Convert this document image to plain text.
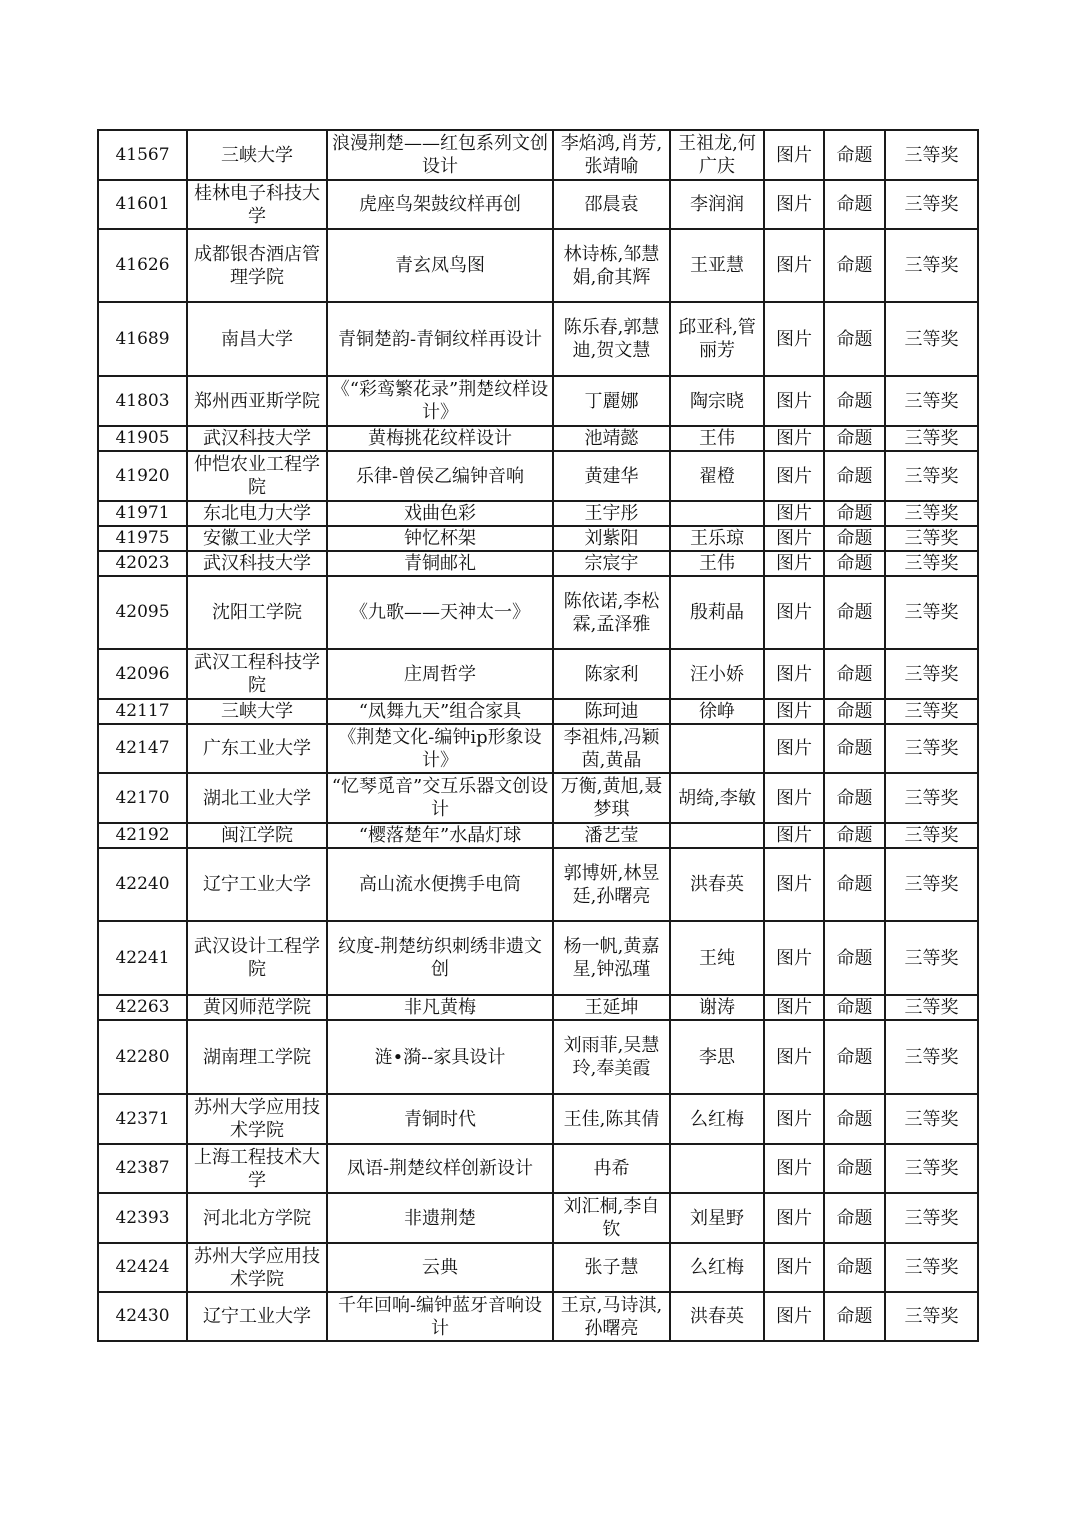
41567	三峡大学	浪漫荆楚——红包系列文创设计	李焰鸿,肖芳,张靖喻	王祖龙,何广庆	图片	命题	三等奖
41601	桂林电子科技大学	虎座鸟架鼓纹样再创	邵晨袁	李润润	图片	命题	三等奖
41626	成都银杏酒店管理学院	青玄凤鸟图	林诗栋,邹慧娟,俞其辉	王亚慧	图片	命题	三等奖
41689	南昌大学	青铜楚韵-青铜纹样再设计	陈乐春,郭慧迪,贺文慧	邱亚科,管丽芳	图片	命题	三等奖
41803	郑州西亚斯学院	《“彩鸾繁花录”荆楚纹样设计》	丁麗娜	陶宗晓	图片	命题	三等奖
41905	武汉科技大学	黄梅挑花纹样设计	池靖懿	王伟	图片	命题	三等奖
41920	仲恺农业工程学院	乐律-曾侯乙编钟音响	黄建华	翟橙	图片	命题	三等奖
41971	东北电力大学	戏曲色彩	王宇彤		图片	命题	三等奖
41975	安徽工业大学	钟忆杯架	刘紫阳	王乐琼	图片	命题	三等奖
42023	武汉科技大学	青铜邮礼	宗宸宇	王伟	图片	命题	三等奖
42095	沈阳工学院	《九歌——天神太一》	陈依诺,李松霖,孟泽雅	殷莉晶	图片	命题	三等奖
42096	武汉工程科技学院	庄周哲学	陈家利	汪小娇	图片	命题	三等奖
42117	三峡大学	“凤舞九天”组合家具	陈珂迪	徐峥	图片	命题	三等奖
42147	广东工业大学	《荆楚文化-编钟ip形象设计》	李祖炜,冯颖茵,黄晶		图片	命题	三等奖
42170	湖北工业大学	“忆琴觅音”交互乐器文创设计	万衡,黄旭,聂梦琪	胡绮,李敏	图片	命题	三等奖
42192	闽江学院	“樱落楚年”水晶灯球	潘艺莹		图片	命题	三等奖
42240	辽宁工业大学	高山流水便携手电筒	郭博妍,林昱廷,孙曙亮	洪春英	图片	命题	三等奖
42241	武汉设计工程学院	纹度-荆楚纺织刺绣非遗文创	杨一帆,黄嘉星,钟泓瑾	王纯	图片	命题	三等奖
42263	黄冈师范学院	非凡黄梅	王延坤	谢涛	图片	命题	三等奖
42280	湖南理工学院	涟•漪--家具设计	刘雨菲,吴慧玲,奉美霞	李思	图片	命题	三等奖
42371	苏州大学应用技术学院	青铜时代	王佳,陈其倩	么红梅	图片	命题	三等奖
42387	上海工程技术大学	凤语-荆楚纹样创新设计	冉希		图片	命题	三等奖
42393	河北北方学院	非遗荆楚	刘汇桐,李自钦	刘星野	图片	命题	三等奖
42424	苏州大学应用技术学院	云典	张子慧	么红梅	图片	命题	三等奖
42430	辽宁工业大学	千年回响-编钟蓝牙音响设计	王京,马诗淇,孙曙亮	洪春英	图片	命题	三等奖
